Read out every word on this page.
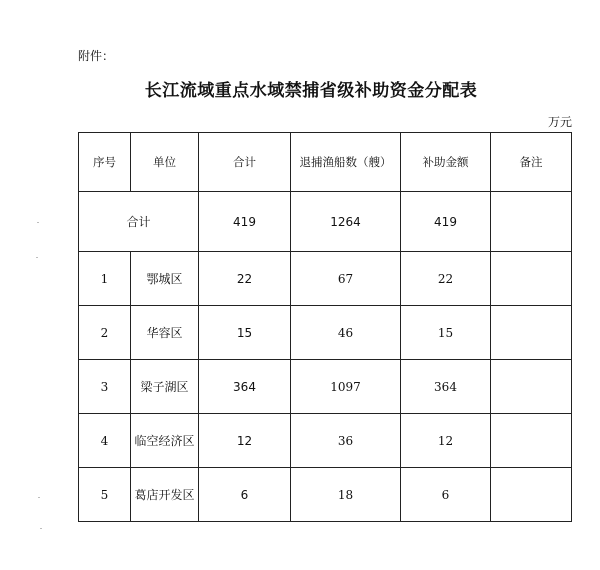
附件：
长江流域重点水域禁捕省级补助资金分配表
万元
序号	单位	合计	退捕渔船数（艘）	补助金额	备注
合计		419	1264	419	
1	鄂城区	22	67	22	
2	华容区	15	46	15	
3	梁子湖区	364	1097	364	
4	临空经济区	12	36	12	
5	葛店开发区	6	18	6	
